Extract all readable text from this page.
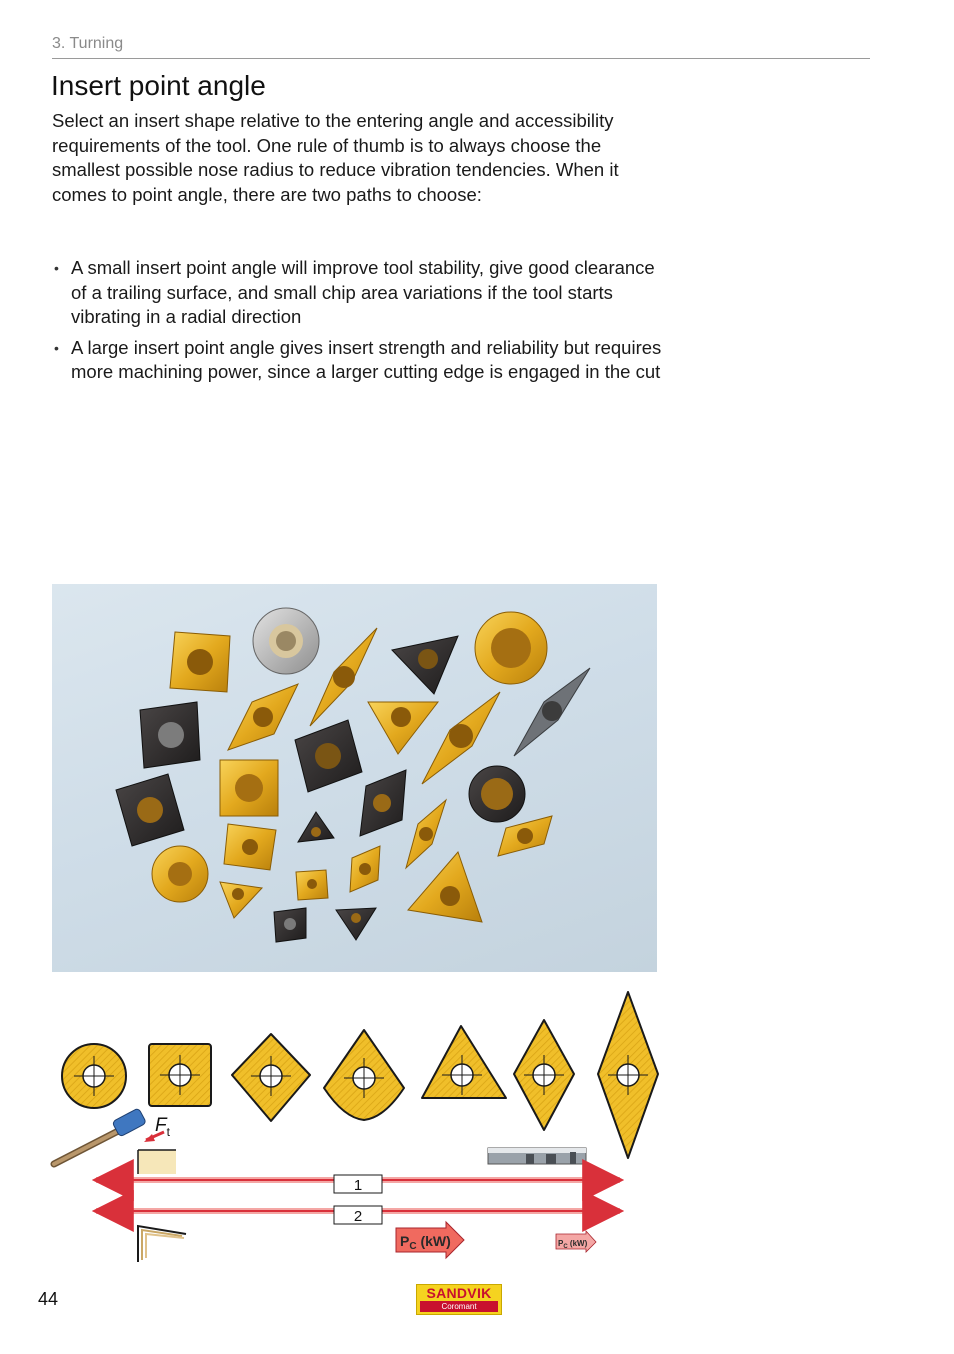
3. Turning
Insert point angle

Select an insert shape relative to the entering angle and accessibility requirements of the tool. One rule of thumb is to always choose the smallest possible nose radius to reduce vibration tendencies. When it comes to point angle, there are two paths to choose:

• A small insert point angle will improve tool stability, give good clearance of a trailing surface, and small chip area variations if the tool starts vibrating in a radial direction
• A large insert point angle gives insert strength and reliability but requires more machining power, since a larger cutting edge is engaged in the cut
$F_t$
1
2
$P_C$ (kW)	$P_C$ (kW)
44	SANDVIK
Coromant
